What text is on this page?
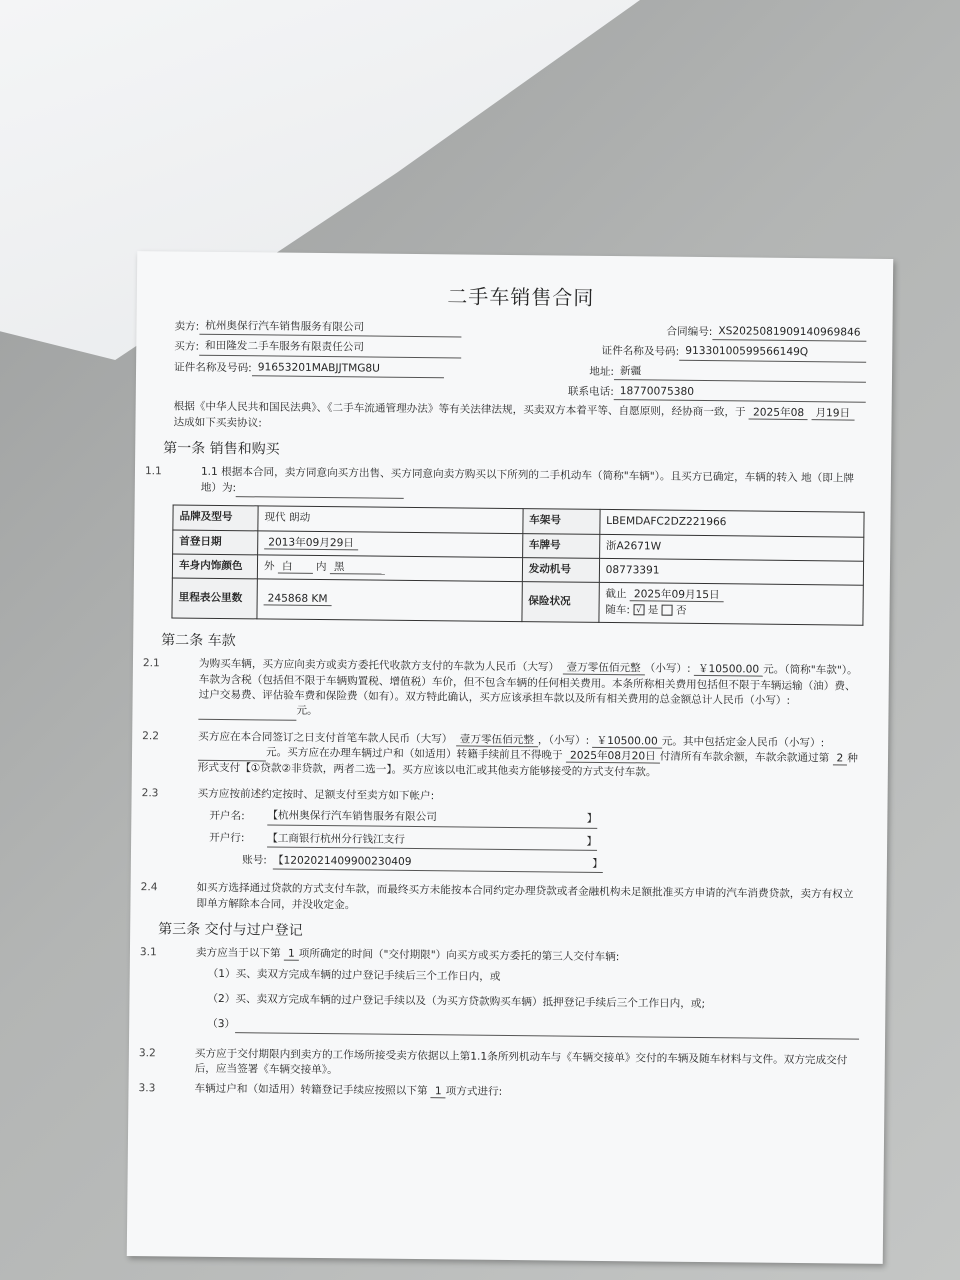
二手车销售合同
卖方: 杭州奥保行汽车销售服务有限公司	合同编号: XS2025081909140969846
买方: 和田隆发二手车服务有限责任公司	证件名称及号码: 91330100599566149Q
证件名称及号码: 91653201MABJJTMG8U	地址: 新疆
联系电话: 18770075380
根据《中华人民共和国民法典》、《二手车流通管理办法》等有关法律法规，买卖双方本着平等、自愿原则，经协商一致，于 2025年08 月19日 达成如下买卖协议:
第一条 销售和购买

1.1	1.1 根据本合同，卖方同意向买方出售、买方同意向卖方购买以下所列的二手机动车（简称"车辆"）。且买方已确定，车辆的转入 地（即上牌地）为:

品牌及型号	现代 朗动	车架号	LBEMDAFC2DZ221966
首登日期	2013年09月29日	车牌号	浙A2671W
车身内饰颜色	外 白 内 黑	发动机号	08773391
里程表公里数	245868 KM	保险状况	截止 2025年09月15日
随车: √ 是 否
第二条 车款

2.1	为购买车辆，买方应向卖方或卖方委托代收款方支付的车款为人民币（大写） 壹万零伍佰元整 （小写）: ￥10500.00 元。（简称"车款"）。车款为含税（包括但不限于车辆购置税、增值税）车价，但不包含车辆的任何相关费用。本条所称相关费用包括但不限于车辆运输（油）费、过户交易费、评估验车费和保险费（如有）。双方特此确认，买方应该承担车款以及所有相关费用的总金额总计人民币（小写）:  元。

2.2	买方应在本合同签订之日支付首笔车款人民币（大写） 壹万零伍佰元整 ，（小写）: ￥10500.00 元。其中包括定金人民币（小写）:  元。买方应在办理车辆过户和（如适用）转籍手续前且不得晚于 2025年08月20日 付清所有车款余额，车款余款通过第 2 种形式支付【①贷款②非贷款，两者二选一】。买方应该以电汇或其他卖方能够接受的方式支付车款。

2.3	买方应按前述约定按时、足额支付至卖方如下帐户:

开户名:	【杭州奥保行汽车销售服务有限公司	】
开户行:	【工商银行杭州分行钱江支行	】
账号: 【1202021409900230409	】

2.4	如买方选择通过贷款的方式支付车款，而最终买方未能按本合同约定办理贷款或者金融机构未足额批准买方申请的汽车消费贷款，卖方有权立即单方解除本合同，并没收定金。

第三条 交付与过户登记

3.1	卖方应当于以下第 1 项所确定的时间（"交付期限"）向买方或买方委托的第三人交付车辆:

（1）买、卖双方完成车辆的过户登记手续后三个工作日内，或
（2）买、卖双方完成车辆的过户登记手续以及（为买方贷款购买车辆）抵押登记手续后三个工作日内，或;
（3）

3.2	买方应于交付期限内到卖方的工作场所接受卖方依据以上第1.1条所列机动车与《车辆交接单》交付的车辆及随车材料与文件。双方完成交付后，应当签署《车辆交接单》。

3.3	车辆过户和（如适用）转籍登记手续应按照以下第 1 项方式进行:
